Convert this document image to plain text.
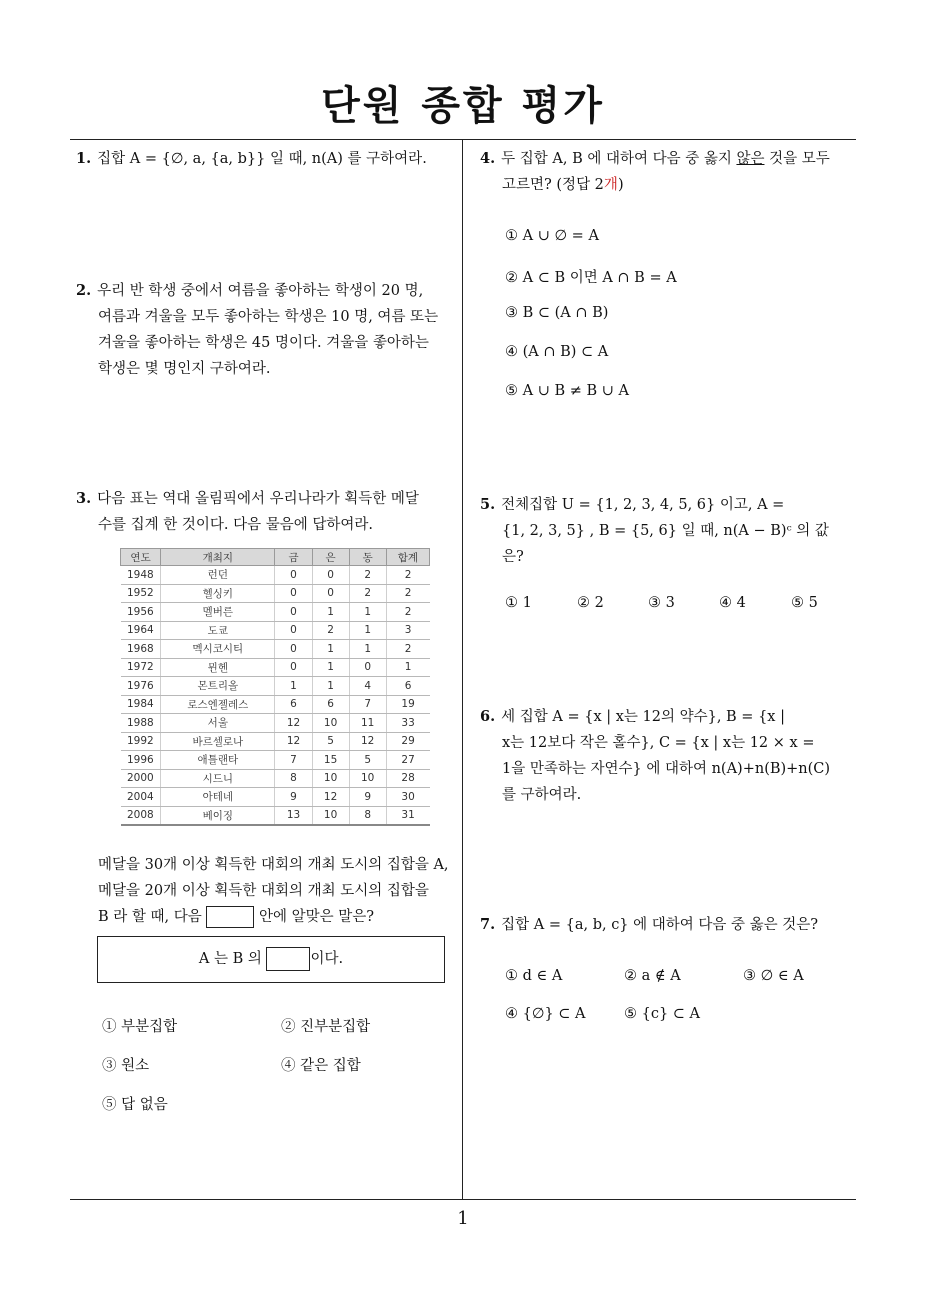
단원 종합 평가
1. 집합 A = {∅, a, {a, b}} 일 때, n(A) 를 구하여라.
2. 우리 반 학생 중에서 여름을 좋아하는 학생이 20 명,
여름과 겨울을 모두 좋아하는 학생은 10 명, 여름 또는
겨울을 좋아하는 학생은 45 명이다. 겨울을 좋아하는
학생은 몇 명인지 구하여라.
3. 다음 표는 역대 올림픽에서 우리나라가 획득한 메달
수를 집계 한 것이다. 다음 물음에 답하여라.
연도	개최지	금	은	동	합계
1948	런던	0	0	2	2
1952	헬싱키	0	0	2	2
1956	멜버른	0	1	1	2
1964	도쿄	0	2	1	3
1968	멕시코시티	0	1	1	2
1972	뮌헨	0	1	0	1
1976	몬트리올	1	1	4	6
1984	로스엔젤레스	6	6	7	19
1988	서울	12	10	11	33
1992	바르셀로나	12	5	12	29
1996	애틀랜타	7	15	5	27
2000	시드니	8	10	10	28
2004	아테네	9	12	9	30
2008	베이징	13	10	8	31
메달을 30개 이상 획득한 대회의 개최 도시의 집합을 A,
메달을 20개 이상 획득한 대회의 개최 도시의 집합을
B 라 할 때, 다음	안에 알맞은 말은?
A 는 B 의	이다.
① 부분집합	② 진부분집합
③ 원소	④ 같은 집합
⑤ 답 없음
4. 두 집합 A, B 에 대하여 다음 중 옳지 않은 것을 모두
고르면? (정답 2개)
① A ∪ ∅ = A
② A ⊂ B 이면 A ∩ B = A
③ B ⊂ (A ∩ B)
④ (A ∩ B) ⊂ A
⑤ A ∪ B ≠ B ∪ A
5. 전체집합 U = {1, 2, 3, 4, 5, 6} 이고, A =
{1, 2, 3, 5} , B = {5, 6} 일 때, n(A − B)ᶜ 의 값
은?
① 1	② 2	③ 3	④ 4	⑤ 5
6. 세 집합 A = {x | x는 12의 약수}, B = {x |
x는 12보다 작은 홀수}, C = {x | x는 12 × x =
1을 만족하는 자연수} 에 대하여 n(A)+n(B)+n(C)
를 구하여라.
7. 집합 A = {a, b, c} 에 대하여 다음 중 옳은 것은?
① d ∈ A	② a ∉ A	③ ∅ ∈ A
④ {∅} ⊂ A	⑤ {c} ⊂ A
1
